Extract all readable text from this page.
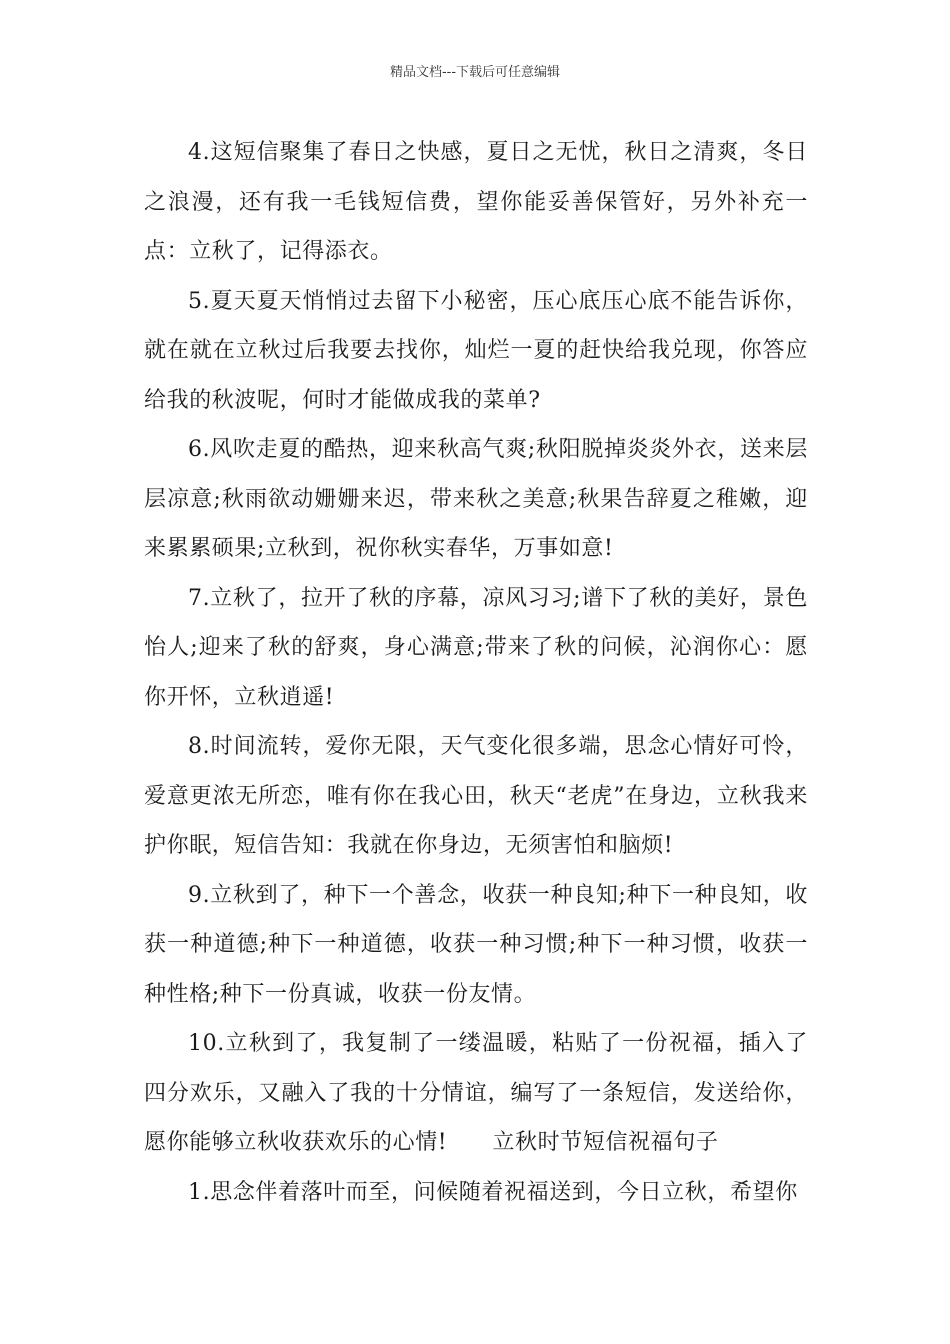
精品文档---下载后可任意编辑

4.这短信聚集了春日之快感，夏日之无忧，秋日之清爽，冬日之浪漫，还有我一毛钱短信费，望你能妥善保管好，另外补充一点：立秋了，记得添衣。

5.夏天夏天悄悄过去留下小秘密，压心底压心底不能告诉你，就在就在立秋过后我要去找你，灿烂一夏的赶快给我兑现，你答应给我的秋波呢，何时才能做成我的菜单?

6.风吹走夏的酷热，迎来秋高气爽;秋阳脱掉炎炎外衣，送来层层凉意;秋雨欲动姗姗来迟，带来秋之美意;秋果告辞夏之稚嫩，迎来累累硕果;立秋到，祝你秋实春华，万事如意!

7.立秋了，拉开了秋的序幕，凉风习习;谱下了秋的美好，景色怡人;迎来了秋的舒爽，身心满意;带来了秋的问候，沁润你心：愿你开怀，立秋逍遥!

8.时间流转，爱你无限，天气变化很多端，思念心情好可怜，爱意更浓无所恋，唯有你在我心田，秋天“老虎”在身边，立秋我来护你眠，短信告知：我就在你身边，无须害怕和脑烦!

9.立秋到了，种下一个善念，收获一种良知;种下一种良知，收获一种道德;种下一种道德，收获一种习惯;种下一种习惯，收获一种性格;种下一份真诚，收获一份友情。

10.立秋到了，我复制了一缕温暖，粘贴了一份祝福，插入了四分欢乐，又融入了我的十分情谊，编写了一条短信，发送给你，愿你能够立秋收获欢乐的心情!　　立秋时节短信祝福句子

1.思念伴着落叶而至，问候随着祝福送到，今日立秋，希望你
